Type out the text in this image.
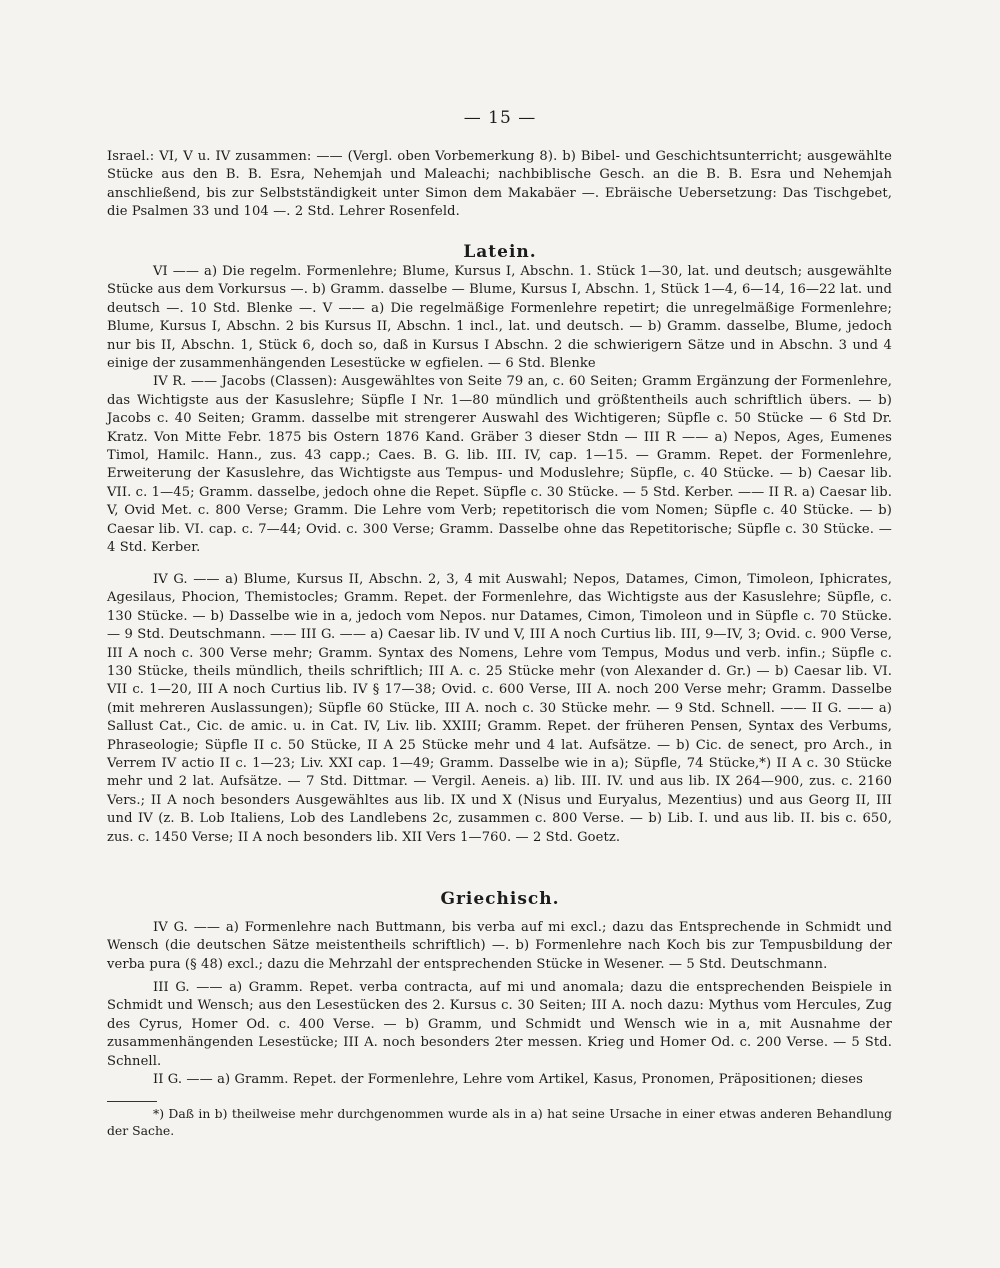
— 15 —

Israel.: VI, V u. IV zusammen: —— (Vergl. oben Vorbemerkung 8). b) Bibel- und Geschichtsunterricht; ausgewählte Stücke aus den B. B. Esra, Nehemjah und Maleachi; nachbiblische Gesch. an die B. B. Esra und Nehemjah anschließend, bis zur Selbstständigkeit unter Simon dem Makabäer —. Ebräische Uebersetzung: Das Tischgebet, die Psalmen 33 und 104 —. 2 Std. Lehrer Rosenfeld.

Latein.

VI —— a) Die regelm. Formenlehre; Blume, Kursus I, Abschn. 1. Stück 1—30, lat. und deutsch; ausgewählte Stücke aus dem Vorkursus —. b) Gramm. dasselbe — Blume, Kursus I, Abschn. 1, Stück 1—4, 6—14, 16—22 lat. und deutsch —. 10 Std. Blenke —. V —— a) Die regelmäßige Formenlehre repetirt; die unregelmäßige Formenlehre; Blume, Kursus I, Abschn. 2 bis Kursus II, Abschn. 1 incl., lat. und deutsch. — b) Gramm. dasselbe, Blume, jedoch nur bis II, Abschn. 1, Stück 6, doch so, daß in Kursus I Abschn. 2 die schwierigern Sätze und in Abschn. 3 und 4 einige der zusammenhängenden Lesestücke w egfielen. — 6 Std. Blenke

IV R. —— Jacobs (Classen): Ausgewähltes von Seite 79 an, c. 60 Seiten; Gramm Ergänzung der Formenlehre, das Wichtigste aus der Kasuslehre; Süpfle I Nr. 1—80 mündlich und größtentheils auch schriftlich übers. — b) Jacobs c. 40 Seiten; Gramm. dasselbe mit strengerer Auswahl des Wichtigeren; Süpfle c. 50 Stücke — 6 Std Dr. Kratz. Von Mitte Febr. 1875 bis Ostern 1876 Kand. Gräber 3 dieser Stdn — III R —— a) Nepos, Ages, Eumenes Timol, Hamilc. Hann., zus. 43 capp.; Caes. B. G. lib. III. IV, cap. 1—15. — Gramm. Repet. der Formenlehre, Erweiterung der Kasuslehre, das Wichtigste aus Tempus- und Moduslehre; Süpfle, c. 40 Stücke. — b) Caesar lib. VII. c. 1—45; Gramm. dasselbe, jedoch ohne die Repet. Süpfle c. 30 Stücke. — 5 Std. Kerber. —— II R. a) Caesar lib. V, Ovid Met. c. 800 Verse; Gramm. Die Lehre vom Verb; repetitorisch die vom Nomen; Süpfle c. 40 Stücke. — b) Caesar lib. VI. cap. c. 7—44; Ovid. c. 300 Verse; Gramm. Dasselbe ohne das Repetitorische; Süpfle c. 30 Stücke. — 4 Std. Kerber.

IV G. —— a) Blume, Kursus II, Abschn. 2, 3, 4 mit Auswahl; Nepos, Datames, Cimon, Timoleon, Iphicrates, Agesilaus, Phocion, Themistocles; Gramm. Repet. der Formenlehre, das Wichtigste aus der Kasuslehre; Süpfle, c. 130 Stücke. — b) Dasselbe wie in a, jedoch vom Nepos. nur Datames, Cimon, Timoleon und in Süpfle c. 70 Stücke. — 9 Std. Deutschmann. —— III G. —— a) Caesar lib. IV und V, III A noch Curtius lib. III, 9—IV, 3; Ovid. c. 900 Verse, III A noch c. 300 Verse mehr; Gramm. Syntax des Nomens, Lehre vom Tempus, Modus und verb. infin.; Süpfle c. 130 Stücke, theils mündlich, theils schriftlich; III A. c. 25 Stücke mehr (von Alexander d. Gr.) — b) Caesar lib. VI. VII c. 1—20, III A noch Curtius lib. IV § 17—38; Ovid. c. 600 Verse, III A. noch 200 Verse mehr; Gramm. Dasselbe (mit mehreren Auslassungen); Süpfle 60 Stücke, III A. noch c. 30 Stücke mehr. — 9 Std. Schnell. —— II G. —— a) Sallust Cat., Cic. de amic. u. in Cat. IV, Liv. lib. XXIII; Gramm. Repet. der früheren Pensen, Syntax des Verbums, Phraseologie; Süpfle II c. 50 Stücke, II A 25 Stücke mehr und 4 lat. Aufsätze. — b) Cic. de senect, pro Arch., in Verrem IV actio II c. 1—23; Liv. XXI cap. 1—49; Gramm. Dasselbe wie in a); Süpfle, 74 Stücke,*) II A c. 30 Stücke mehr und 2 lat. Aufsätze. — 7 Std. Dittmar. — Vergil. Aeneis. a) lib. III. IV. und aus lib. IX 264—900, zus. c. 2160 Vers.; II A noch besonders Ausgewähltes aus lib. IX und X (Nisus und Euryalus, Mezentius) und aus Georg II, III und IV (z. B. Lob Italiens, Lob des Landlebens 2c, zusammen c. 800 Verse. — b) Lib. I. und aus lib. II. bis c. 650, zus. c. 1450 Verse; II A noch besonders lib. XII Vers 1—760. — 2 Std. Goetz.

Griechisch.

IV G. —— a) Formenlehre nach Buttmann, bis verba auf mi excl.; dazu das Entsprechende in Schmidt und Wensch (die deutschen Sätze meistentheils schriftlich) —. b) Formenlehre nach Koch bis zur Tempusbildung der verba pura (§ 48) excl.; dazu die Mehrzahl der entsprechenden Stücke in Wesener. — 5 Std. Deutschmann.

III G. —— a) Gramm. Repet. verba contracta, auf mi und anomala; dazu die entsprechenden Beispiele in Schmidt und Wensch; aus den Lesestücken des 2. Kursus c. 30 Seiten; III A. noch dazu: Mythus vom Hercules, Zug des Cyrus, Homer Od. c. 400 Verse. — b) Gramm, und Schmidt und Wensch wie in a, mit Ausnahme der zusammenhängenden Lesestücke; III A. noch besonders 2ter messen. Krieg und Homer Od. c. 200 Verse. — 5 Std. Schnell.

II G. —— a) Gramm. Repet. der Formenlehre, Lehre vom Artikel, Kasus, Pronomen, Präpositionen; dieses

*) Daß in b) theilweise mehr durchgenommen wurde als in a) hat seine Ursache in einer etwas anderen Behandlung der Sache.
